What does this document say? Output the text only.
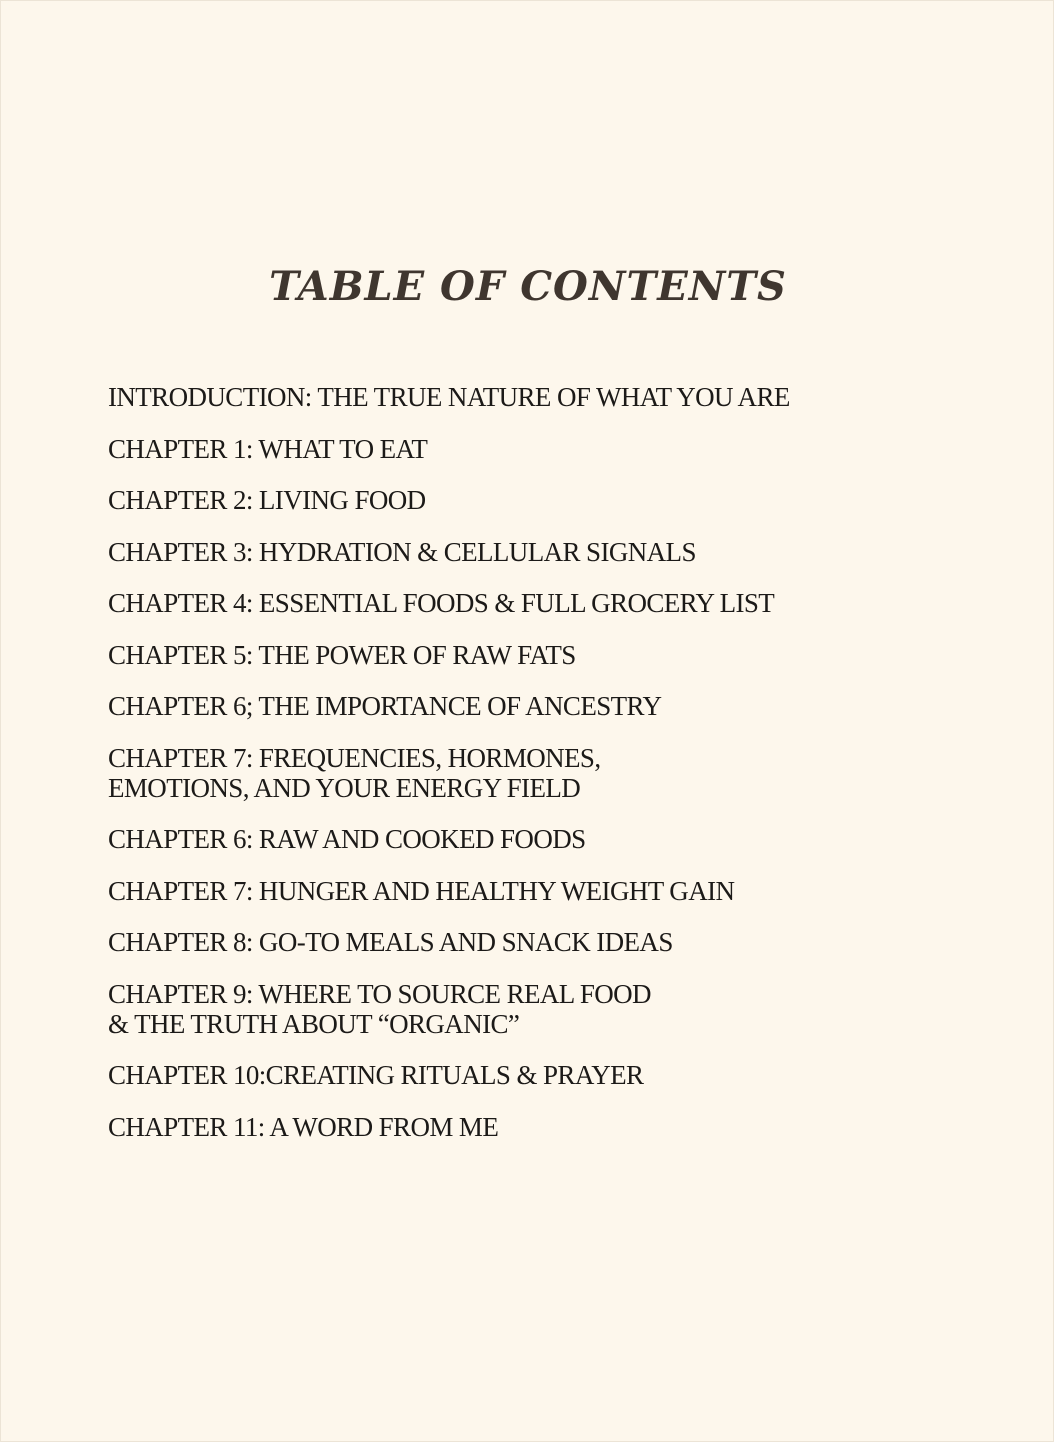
TABLE OF CONTENTS
INTRODUCTION: THE TRUE NATURE OF WHAT YOU ARE
CHAPTER 1: WHAT TO EAT
CHAPTER 2: LIVING FOOD
CHAPTER 3: HYDRATION & CELLULAR SIGNALS
CHAPTER 4: ESSENTIAL FOODS & FULL GROCERY LIST
CHAPTER 5: THE POWER OF RAW FATS
CHAPTER 6; THE IMPORTANCE OF ANCESTRY
CHAPTER 7: FREQUENCIES, HORMONES,
EMOTIONS, AND YOUR ENERGY FIELD
CHAPTER 6: RAW AND COOKED FOODS
CHAPTER 7: HUNGER AND HEALTHY WEIGHT GAIN
CHAPTER 8: GO-TO MEALS AND SNACK IDEAS
CHAPTER 9: WHERE TO SOURCE REAL FOOD
& THE TRUTH ABOUT “ORGANIC”
CHAPTER 10:CREATING RITUALS & PRAYER
CHAPTER 11: A WORD FROM ME
